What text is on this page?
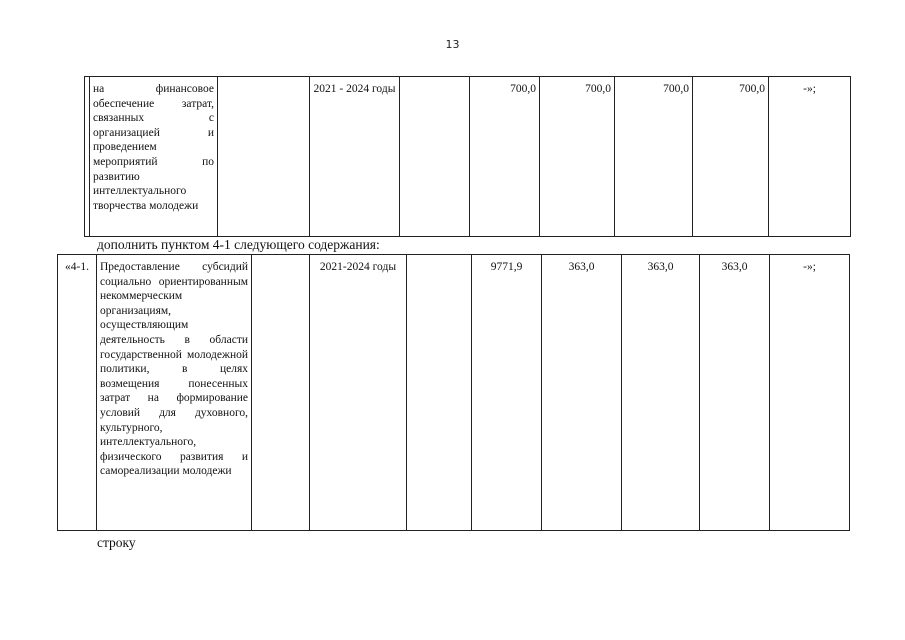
13
	на финансовое обеспечение затрат, связанных с организацией и проведением мероприятий по развитию интеллектуального творчества молодежи		2021 - 2024 годы		700,0	700,0	700,0	700,0	-»;
дополнить пунктом 4-1 следующего содержания:
«4-1.	Предоставление субсидий социально ориентированным некоммерческим организациям, осуществляющим деятельность в области государственной молодежной политики, в целях возмещения понесенных затрат на формирование условий для духовного, культурного, интеллектуального, физического развития и самореализации молодежи		2021-2024 годы		9771,9	363,0	363,0	363,0	-»;
строку
